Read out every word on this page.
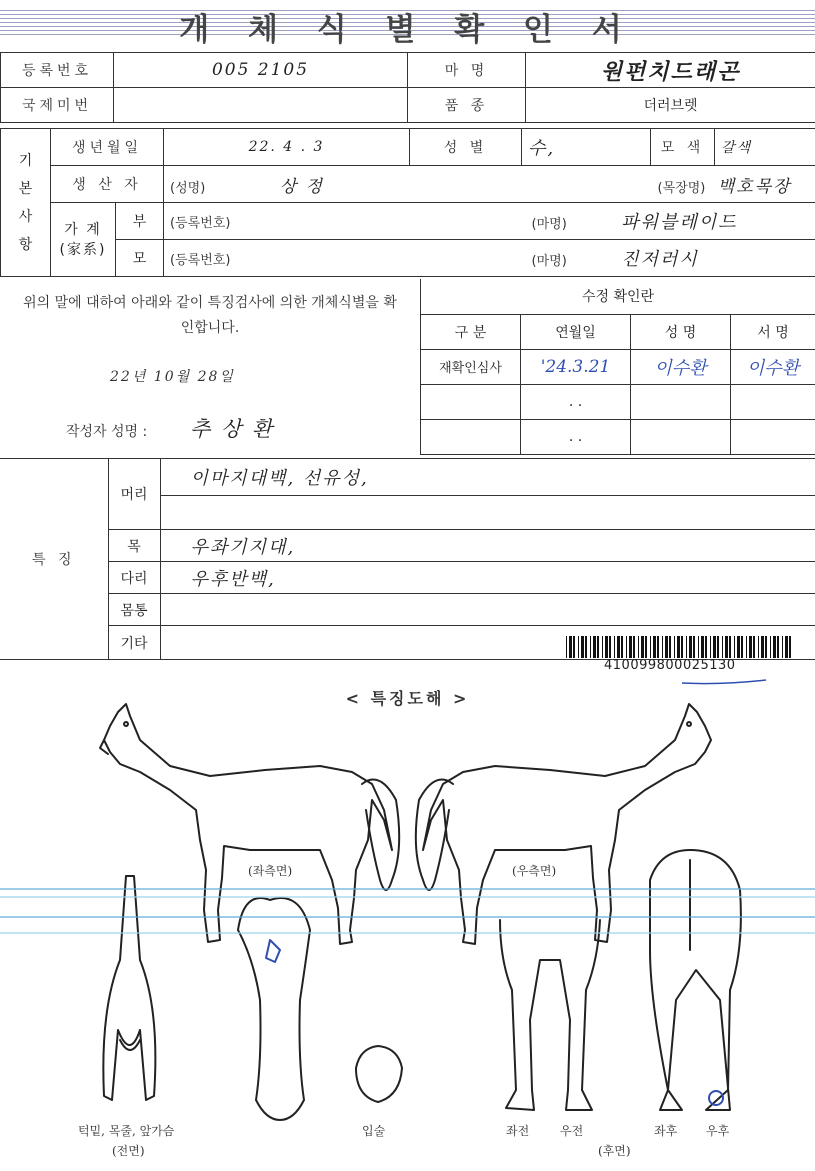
개 체 식 별 확 인 서
등록번호	005 2105	마 명	원펀치드래곤
국제미번		품 종	더러브렛
기본사항	생년월일		22. 4 . 3	성 별	수,	모 색	갈색
	생 산 자		(성명) 상 정		(목장명) 백호목장		
	가 계 (家系)	부	(등록번호)		(마명) 파워블레이드		
		모	(등록번호)		(마명) 진저러시		
위의 말에 대하여 아래와 같이 특징검사에 의한 개체식별을 확인합니다.
22년 10월 28일
작성자 성명 : 추 상 환
수정 확인란			
구 분	연월일	성 명	서 명
재확인심사	'24.3.21	이수환	이수환
	. .		
	. .		
특 징	머리	이마지대백, 선유성,

	목	우좌기지대,
	다리	우후반백,
	몸통	
	기타	
410099800025130
< 특징도해 >
(좌측면)	(우측면)
턱밑, 목줄, 앞가슴
(전면)
입술	좌전	우전	좌후 우후
(후면)
